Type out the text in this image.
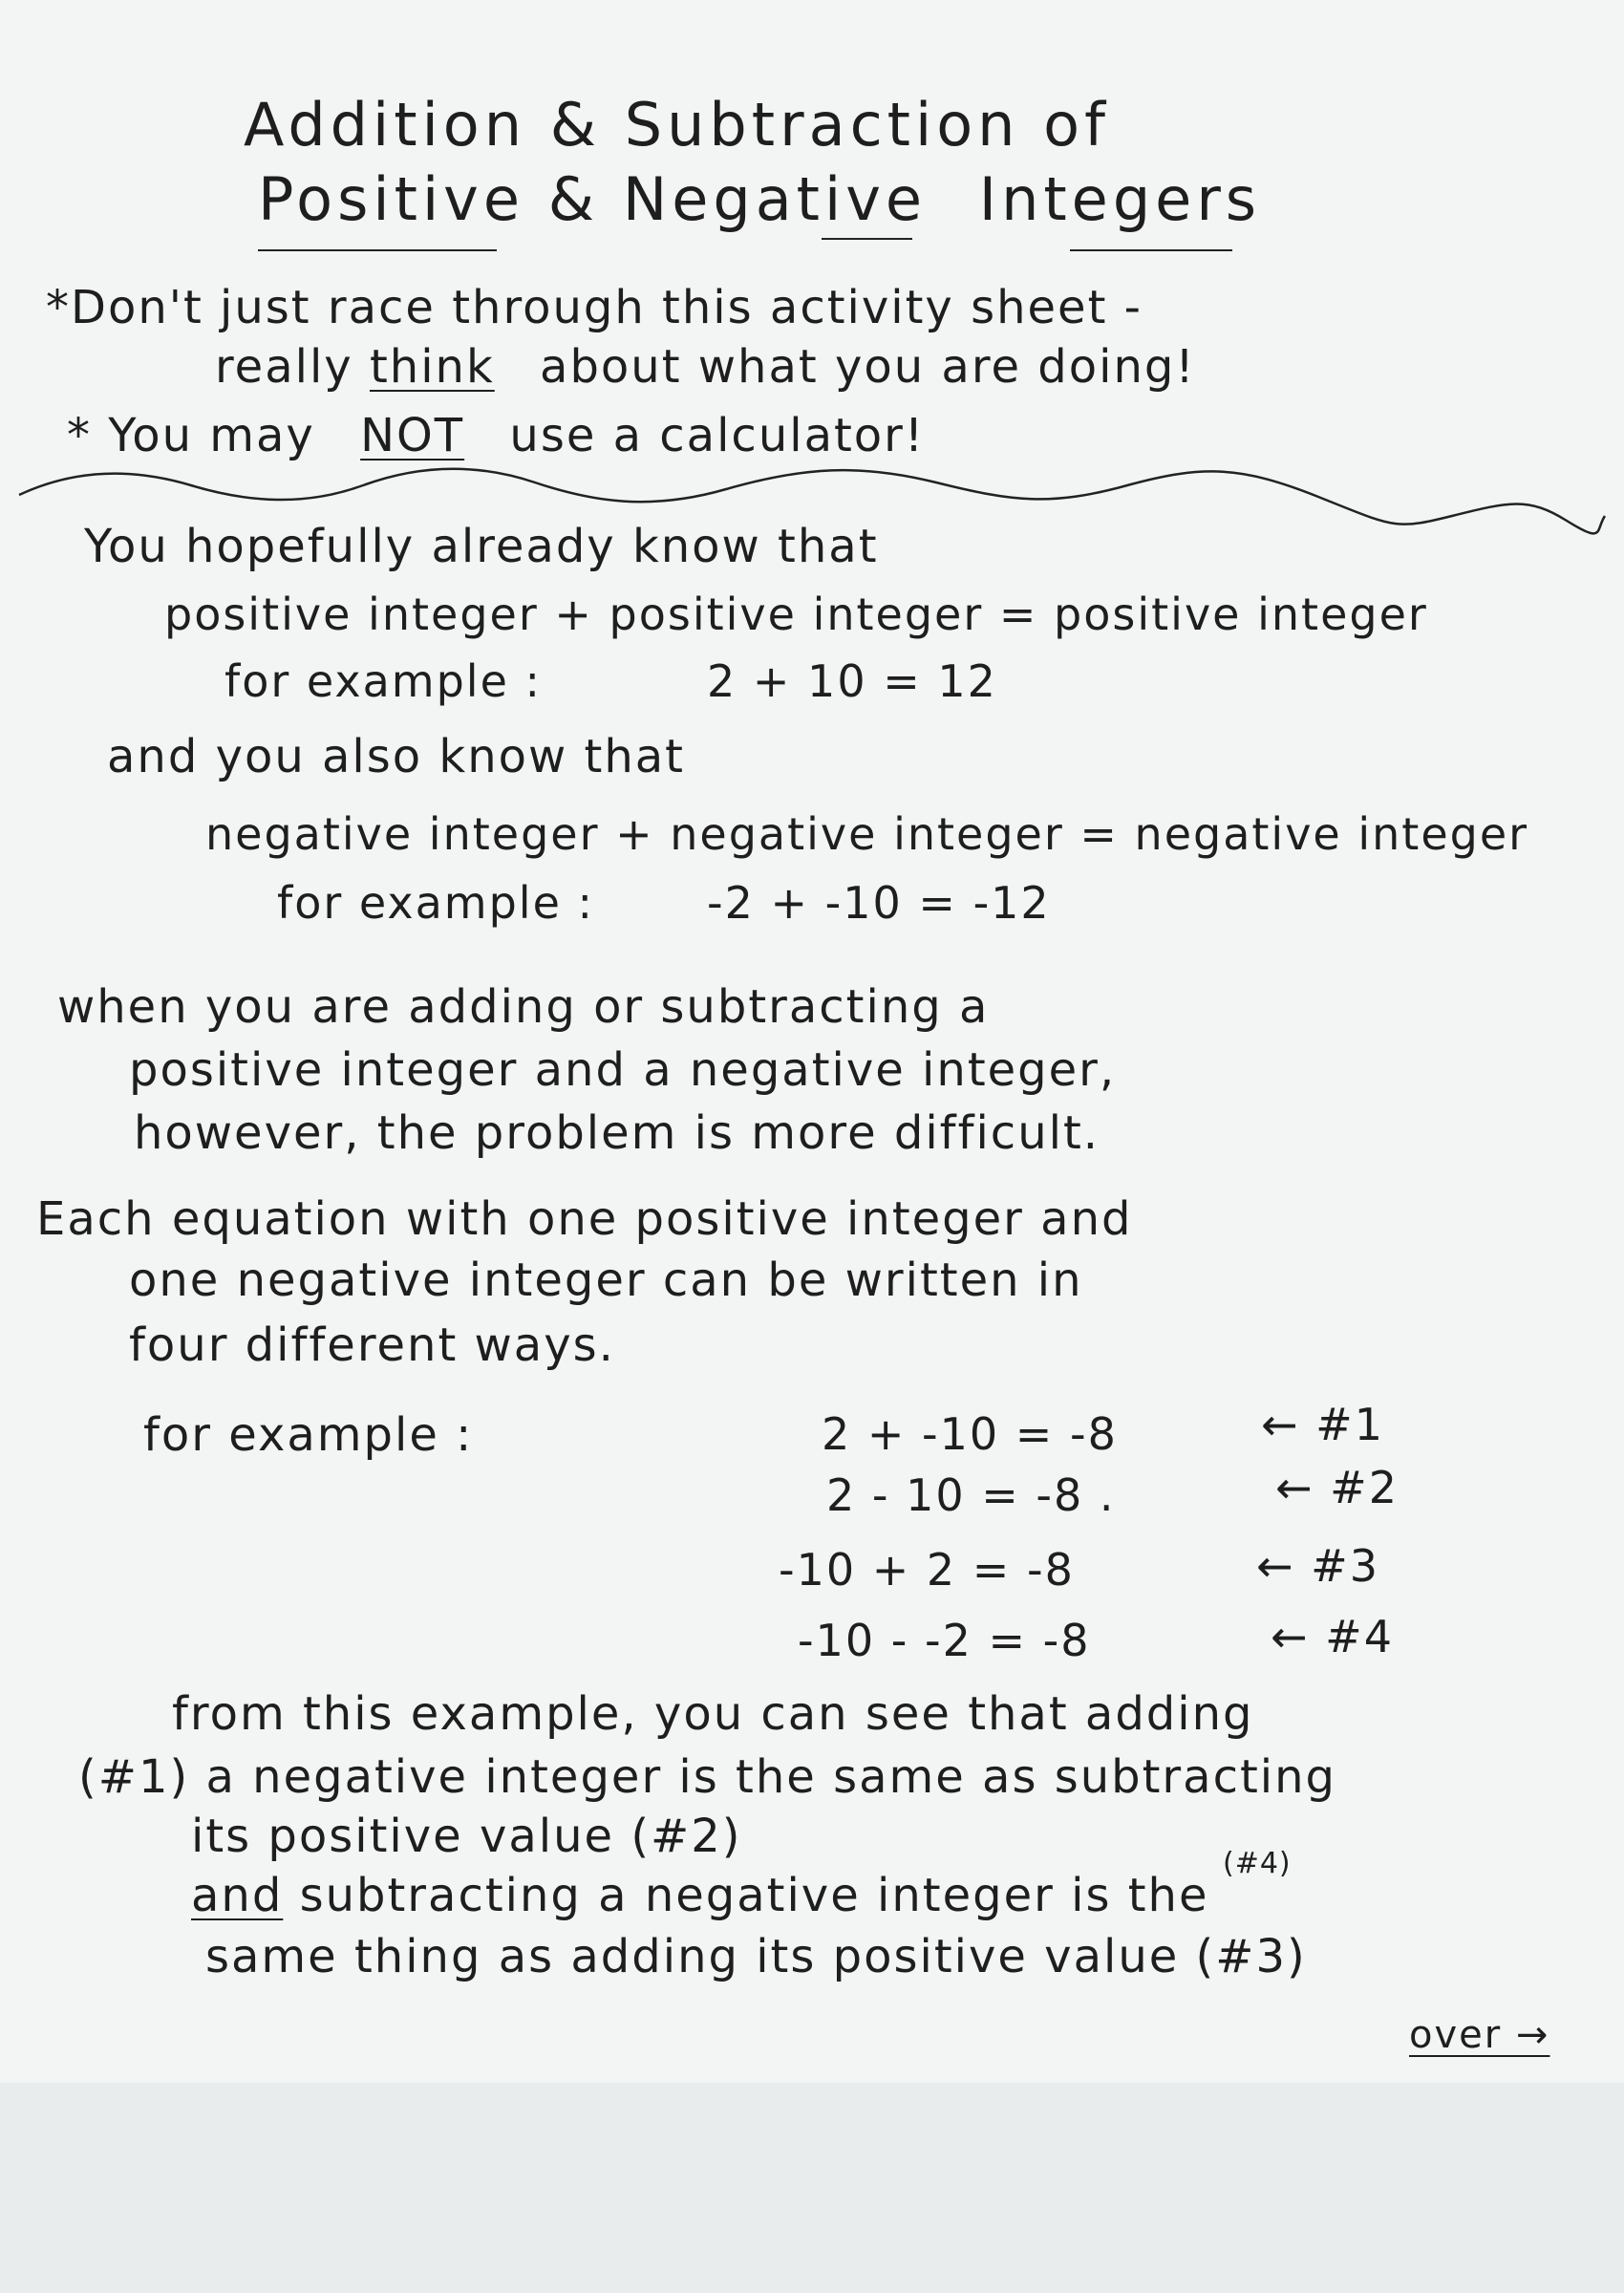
Addition & Subtraction of
Positive & Negative Integers
*Don't just race through this activity sheet -
really think about what you are doing!
* You may NOT use a calculator!
You hopefully already know that
positive integer + positive integer = positive integer
for example :	2 + 10 = 12
and you also know that
negative integer + negative integer = negative integer
for example :	-2 + -10 = -12
when you are adding or subtracting a
positive integer and a negative integer,
however, the problem is more difficult.
Each equation with one positive integer and
one negative integer can be written in
four different ways.
for example :	2 + -10 = -8	← #1
2 - 10 = -8 .	← #2
-10 + 2 = -8	← #3
-10 - -2 = -8	← #4
from this example, you can see that adding
(#1) a negative integer is the same as subtracting
its positive value (#2)
and subtracting a negative integer is the
(#4)
same thing as adding its positive value (#3)
over →
